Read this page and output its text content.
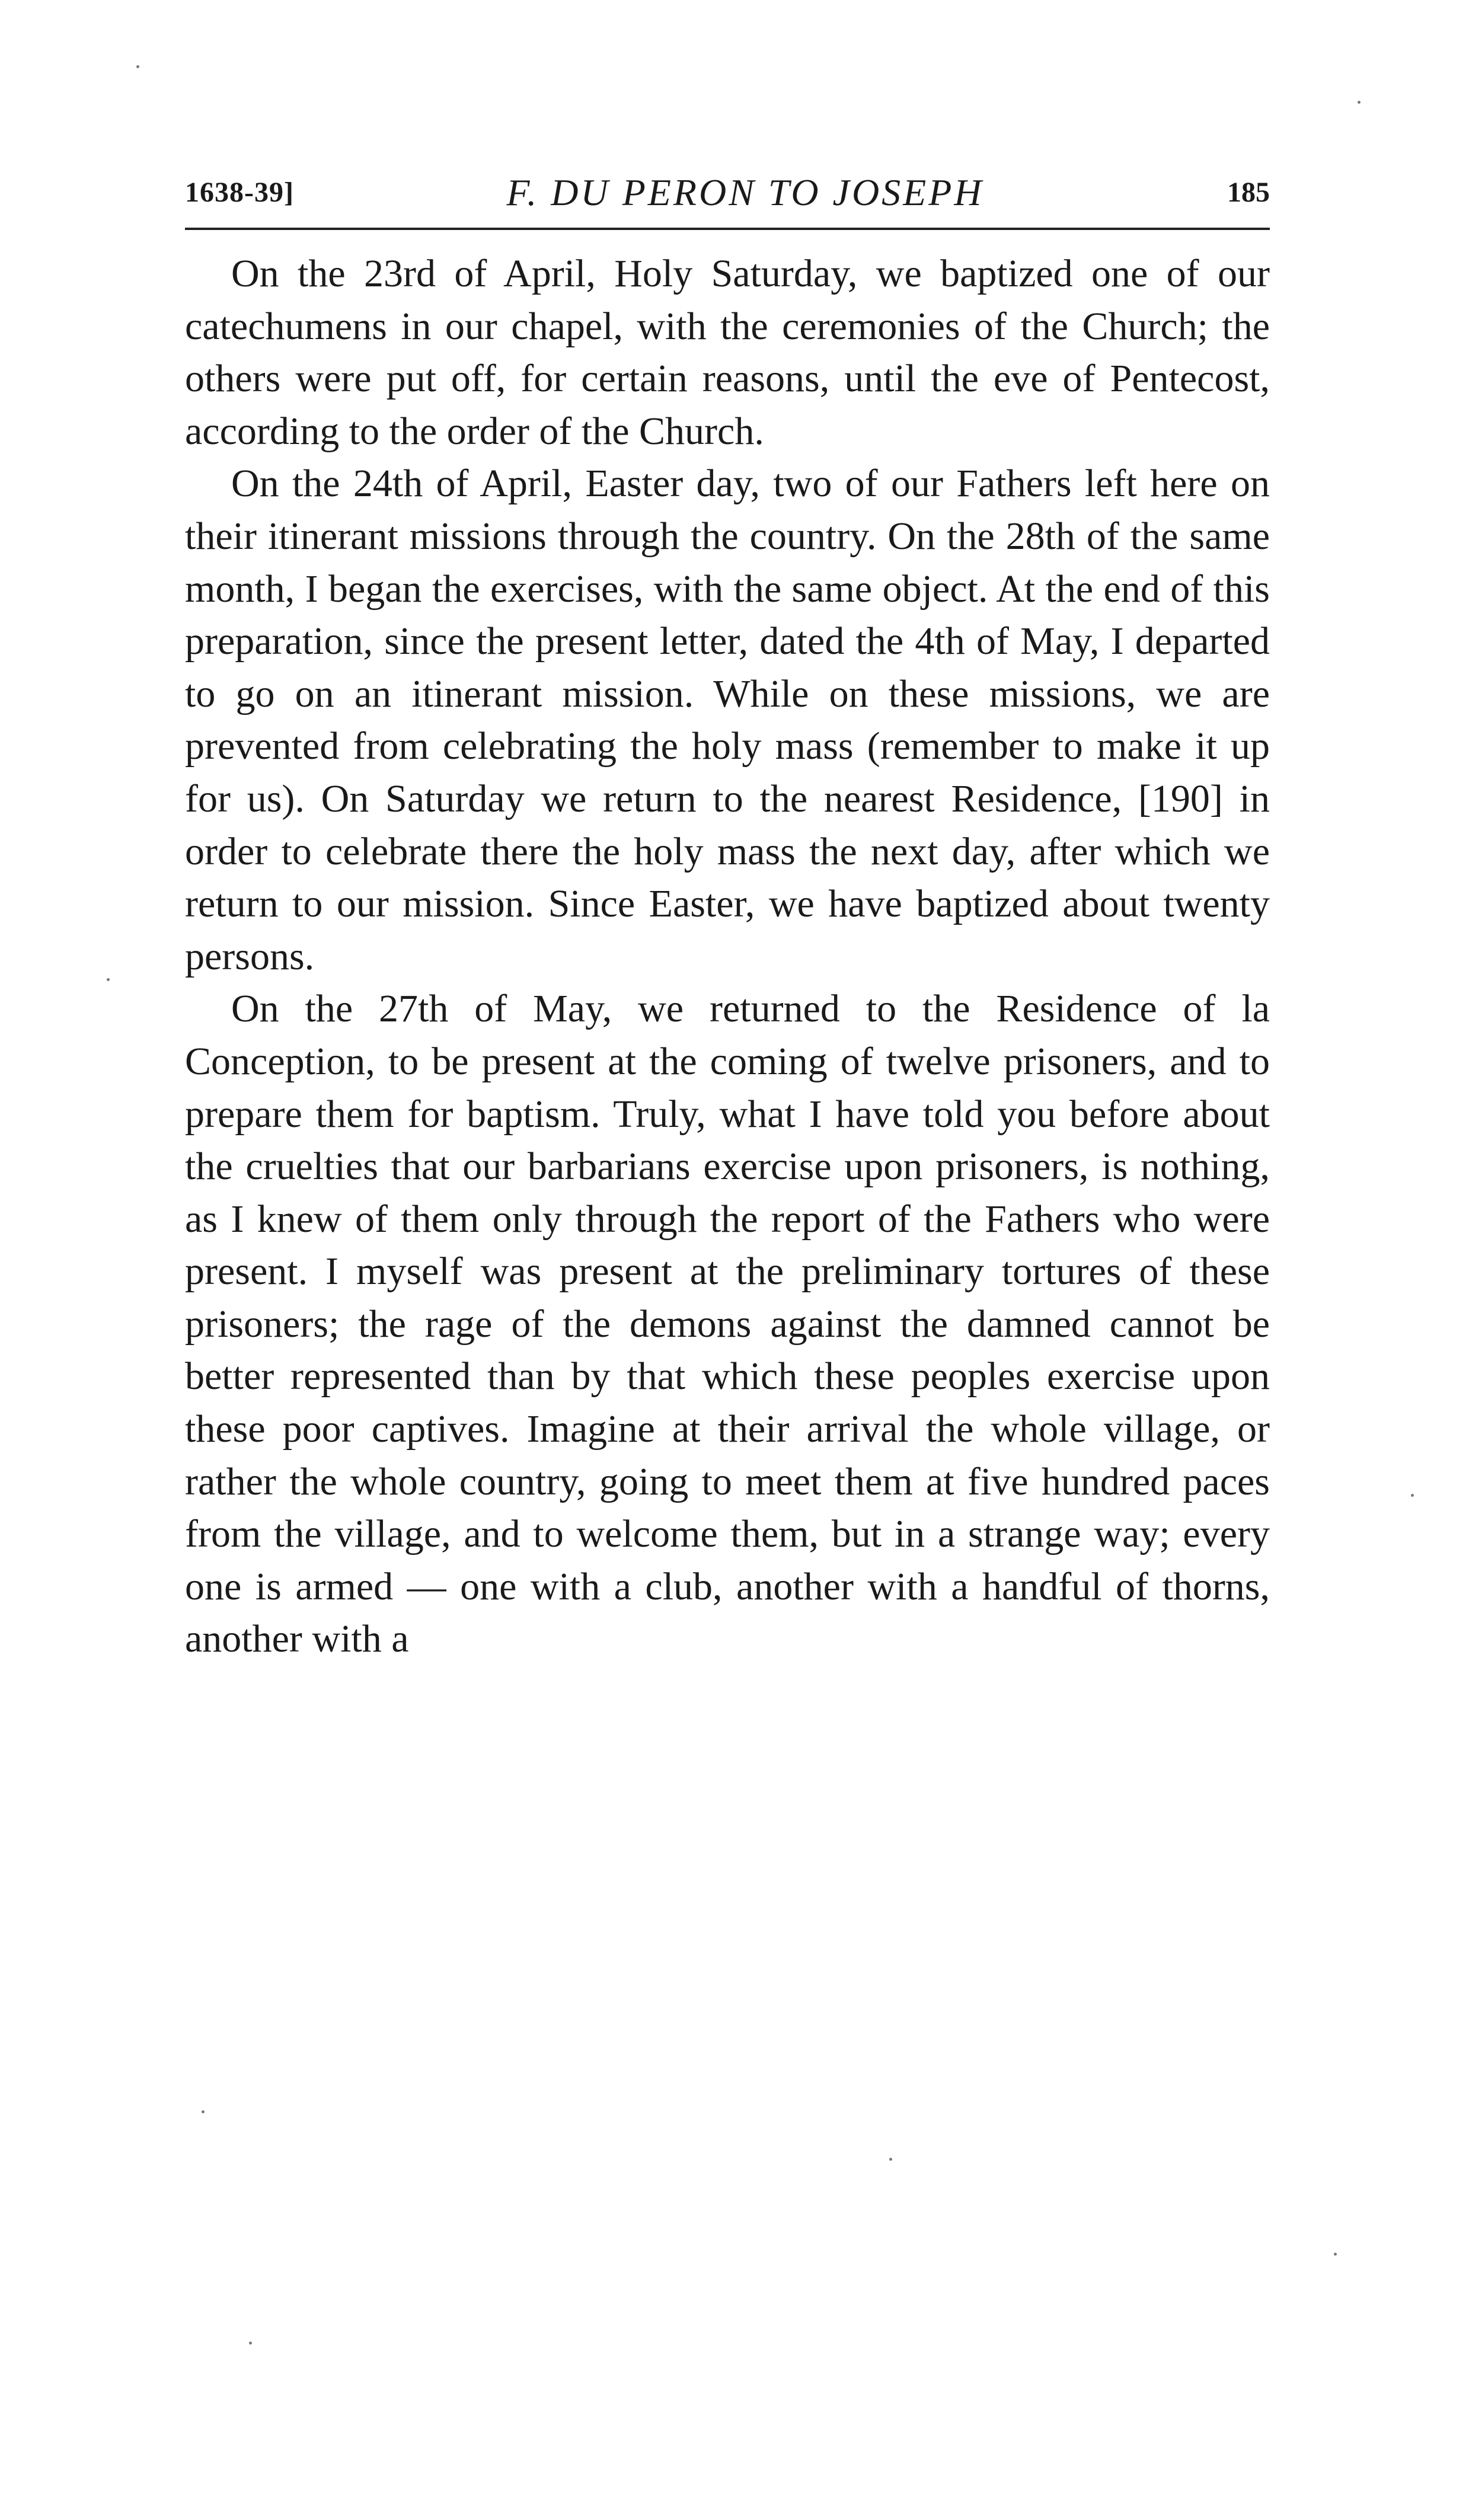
1638-39]	F. DU PERON TO JOSEPH	185

On the 23rd of April, Holy Saturday, we baptized one of our catechumens in our chapel, with the ceremonies of the Church; the others were put off, for certain reasons, until the eve of Pentecost, according to the order of the Church.

On the 24th of April, Easter day, two of our Fathers left here on their itinerant missions through the country. On the 28th of the same month, I began the exercises, with the same object. At the end of this preparation, since the present letter, dated the 4th of May, I departed to go on an itinerant mission. While on these missions, we are prevented from celebrating the holy mass (remember to make it up for us). On Saturday we return to the nearest Residence, [190] in order to celebrate there the holy mass the next day, after which we return to our mission. Since Easter, we have baptized about twenty persons.

On the 27th of May, we returned to the Residence of la Conception, to be present at the coming of twelve prisoners, and to prepare them for baptism. Truly, what I have told you before about the cruelties that our barbarians exercise upon prisoners, is nothing, as I knew of them only through the report of the Fathers who were present. I myself was present at the preliminary tortures of these prisoners; the rage of the demons against the damned cannot be better represented than by that which these peoples exercise upon these poor captives. Imagine at their arrival the whole village, or rather the whole country, going to meet them at five hundred paces from the village, and to welcome them, but in a strange way; every one is armed — one with a club, another with a handful of thorns, another with a
